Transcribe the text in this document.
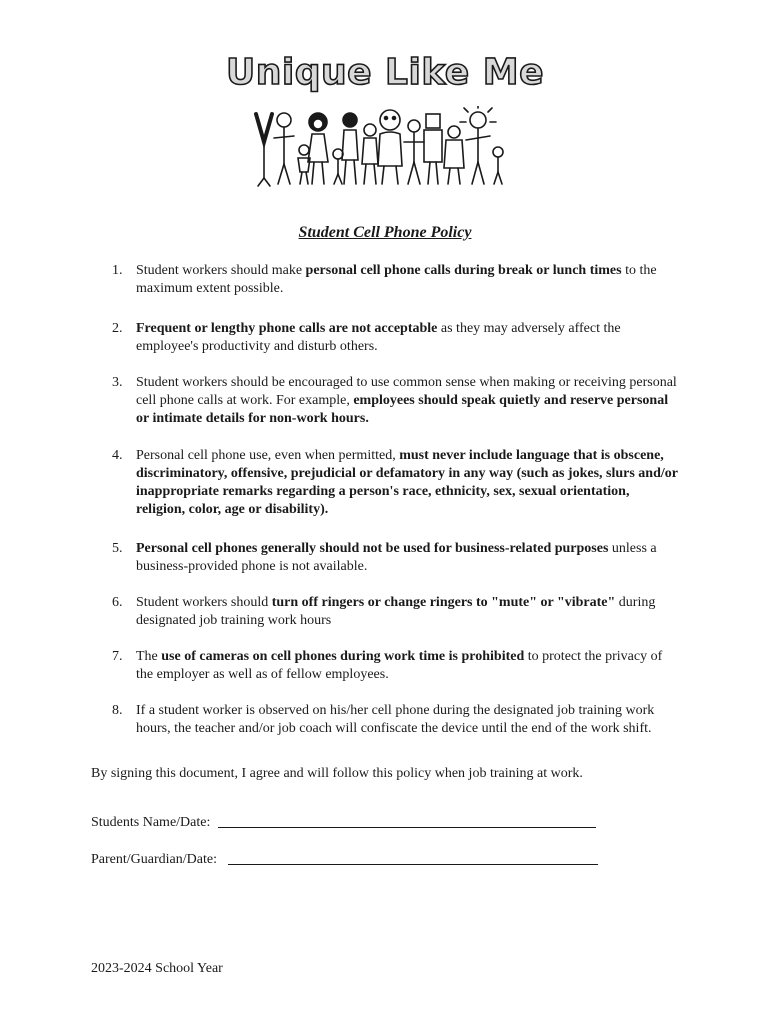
Unique Like Me
Student Cell Phone Policy
1. Student workers should make personal cell phone calls during break or lunch times to the maximum extent possible.
2. Frequent or lengthy phone calls are not acceptable as they may adversely affect the employee's productivity and disturb others.
3. Student workers should be encouraged to use common sense when making or receiving personal cell phone calls at work. For example, employees should speak quietly and reserve personal or intimate details for non-work hours.
4. Personal cell phone use, even when permitted, must never include language that is obscene, discriminatory, offensive, prejudicial or defamatory in any way (such as jokes, slurs and/or inappropriate remarks regarding a person's race, ethnicity, sex, sexual orientation, religion, color, age or disability).
5. Personal cell phones generally should not be used for business-related purposes unless a business-provided phone is not available.
6. Student workers should turn off ringers or change ringers to "mute" or "vibrate" during designated job training work hours
7. The use of cameras on cell phones during work time is prohibited to protect the privacy of the employer as well as of fellow employees.
8. If a student worker is observed on his/her cell phone during the designated job training work hours, the teacher and/or job coach will confiscate the device until the end of the work shift.
By signing this document, I agree and will follow this policy when job training at work.
Students Name/Date:
Parent/Guardian/Date:
2023-2024 School Year
